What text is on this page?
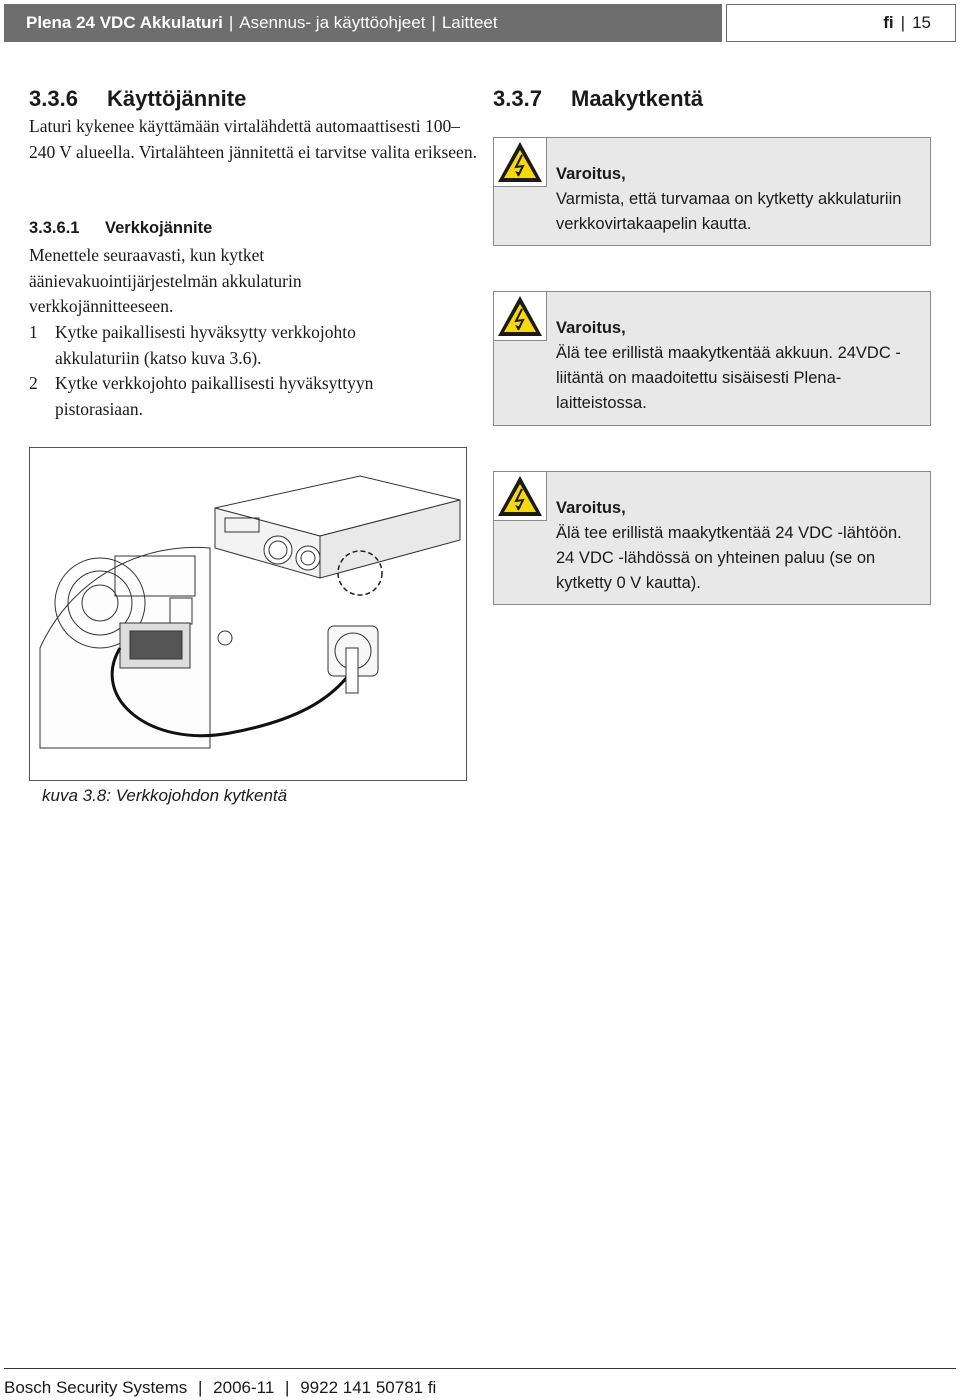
Plena 24 VDC Akkulaturi | Asennus- ja käyttöohjeet | Laitteet	fi | 15
3.3.6 Käyttöjännite
Laturi kykenee käyttämään virtalähdettä automaattisesti 100–240 V alueella. Virtalähteen jännitettä ei tarvitse valita erikseen.
3.3.6.1 Verkkojännite
Menettele seuraavasti, kun kytket äänievakuointijärjestelmän akkulaturin verkkojännitteeseen.
1 Kytke paikallisesti hyväksytty verkkojohto akkulaturiin (katso kuva 3.6).
2 Kytke verkkojohto paikallisesti hyväksyttyyn pistorasiaan.
3.3.7 Maakytkentä
Varoitus,
Varmista, että turvamaa on kytketty akkulaturiin verkkovirtakaapelin kautta.
Varoitus,
Älä tee erillistä maakytkentää akkuun. 24VDC -liitäntä on maadoitettu sisäisesti Plena-laitteistossa.
Varoitus,
Älä tee erillistä maakytkentää 24 VDC -lähtöön. 24 VDC -lähdössä on yhteinen paluu (se on kytketty 0 V kautta).
kuva 3.8: Verkkojohdon kytkentä
Bosch Security Systems | 2006-11 | 9922 141 50781 fi
